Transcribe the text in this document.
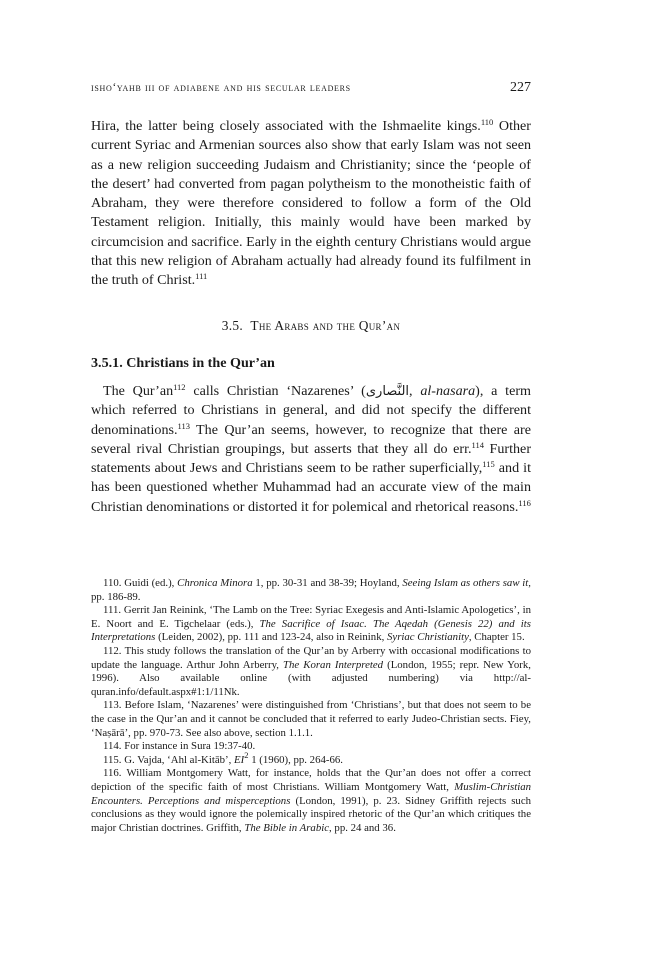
isho‘yahb iii of adiabene and his secular leaders	227

Hira, the latter being closely associated with the Ishmaelite kings.$^{110}$ Other current Syriac and Armenian sources also show that early Islam was not seen as a new religion succeeding Judaism and Christianity; since the ‘people of the desert’ had converted from pagan polytheism to the monotheistic faith of Abraham, they were therefore considered to follow a form of the Old Testament religion. Initially, this mainly would have been marked by circumcision and sacrifice. Early in the eighth century Christians would argue that this new religion of Abraham actually had already found its fulfilment in the truth of Christ.$^{111}$

3.5. The Arabs and the Qur’an
3.5.1. Christians in the Qur’an

The $Qur’an^{112}$ calls Christian ‘Nazarenes’ (النَّصارى, al-nasara), a term which referred to Christians in general, and did not specify the different denominations.$^{113}$ The Qur’an seems, however, to recognize that there are several rival Christian groupings, but asserts that they all do err.$^{114}$ Further statements about Jews and Christians seem to be rather superficially,$^{115}$ and it has been questioned whether Muhammad had an accurate view of the main Christian denominations or distorted it for polemical and rhetorical reasons.$^{116}$

110. Guidi (ed.), Chronica Minora 1, pp. 30-31 and 38-39; Hoyland, Seeing Islam as others saw it, pp. 186-89.

111. Gerrit Jan Reinink, ‘The Lamb on the Tree: Syriac Exegesis and Anti-Islamic Apologetics’, in E. Noort and E. Tigchelaar (eds.), The Sacrifice of Isaac. The Aqedah (Genesis 22) and its Interpretations (Leiden, 2002), pp. 111 and 123-24, also in Reinink, Syriac Christianity, Chapter 15.

112. This study follows the translation of the Qur’an by Arberry with occasional modifications to update the language. Arthur John Arberry, The Koran Interpreted (London, 1955; repr. New York, 1996). Also available online (with adjusted numbering) via http://al-quran.info/default.aspx#1:1/11Nk.

113. Before Islam, ‘Nazarenes’ were distinguished from ‘Christians’, but that does not seem to be the case in the Qur’an and it cannot be concluded that it referred to early Judeo-Christian sects. Fiey, ‘Naṣārā’, pp. 970-73. See also above, section 1.1.1.

114. For instance in Sura 19:37-40.

115. G. Vajda, ‘Ahl al-Kitāb’, $EI^2$ 1 (1960), pp. 264-66.

116. William Montgomery Watt, for instance, holds that the Qur’an does not offer a correct depiction of the specific faith of most Christians. William Montgomery Watt, Muslim-Christian Encounters. Perceptions and misperceptions (London, 1991), p. 23. Sidney Griffith rejects such conclusions as they would ignore the polemically inspired rhetoric of the Qur’an which critiques the major Christian doctrines. Griffith, The Bible in Arabic, pp. 24 and 36.
